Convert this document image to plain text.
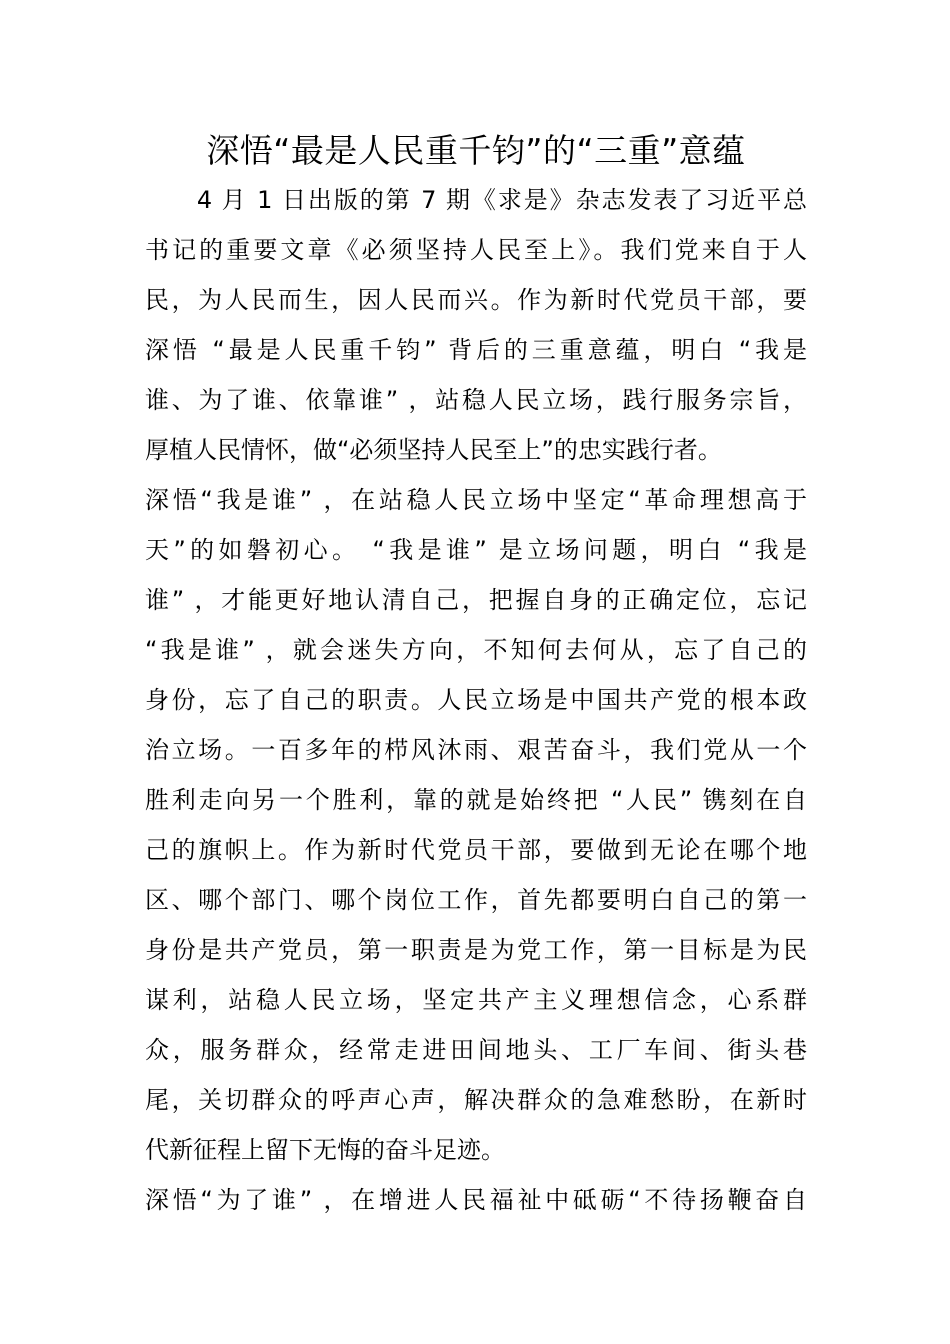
深悟“最是人民重千钧”的“三重”意蕴
　　4 月 1 日出版的第 7 期《求是》杂志发表了习近平总
书记的重要文章《必须坚持人民至上》。我们党来自于人
民，为人民而生，因人民而兴。作为新时代党员干部，要
深悟 “最是人民重千钧” 背后的三重意蕴，明白 “我是
谁、为了谁、依靠谁” ，站稳人民立场，践行服务宗旨，
厚植人民情怀，做“必须坚持人民至上”的忠实践行者。
深悟“我是谁” ，在站稳人民立场中坚定“革命理想高于
天”的如磐初心。 “我是谁” 是立场问题，明白 “我是
谁” ，才能更好地认清自己，把握自身的正确定位，忘记
“我是谁” ，就会迷失方向，不知何去何从，忘了自己的
身份，忘了自己的职责。人民立场是中国共产党的根本政
治立场。一百多年的栉风沐雨、艰苦奋斗，我们党从一个
胜利走向另一个胜利，靠的就是始终把 “人民” 镌刻在自
己的旗帜上。作为新时代党员干部，要做到无论在哪个地
区、哪个部门、哪个岗位工作，首先都要明白自己的第一
身份是共产党员，第一职责是为党工作，第一目标是为民
谋利，站稳人民立场，坚定共产主义理想信念，心系群
众，服务群众，经常走进田间地头、工厂车间、街头巷
尾，关切群众的呼声心声，解决群众的急难愁盼，在新时
代新征程上留下无悔的奋斗足迹。
深悟“为了谁” ，在增进人民福祉中砥砺“不待扬鞭奋自
